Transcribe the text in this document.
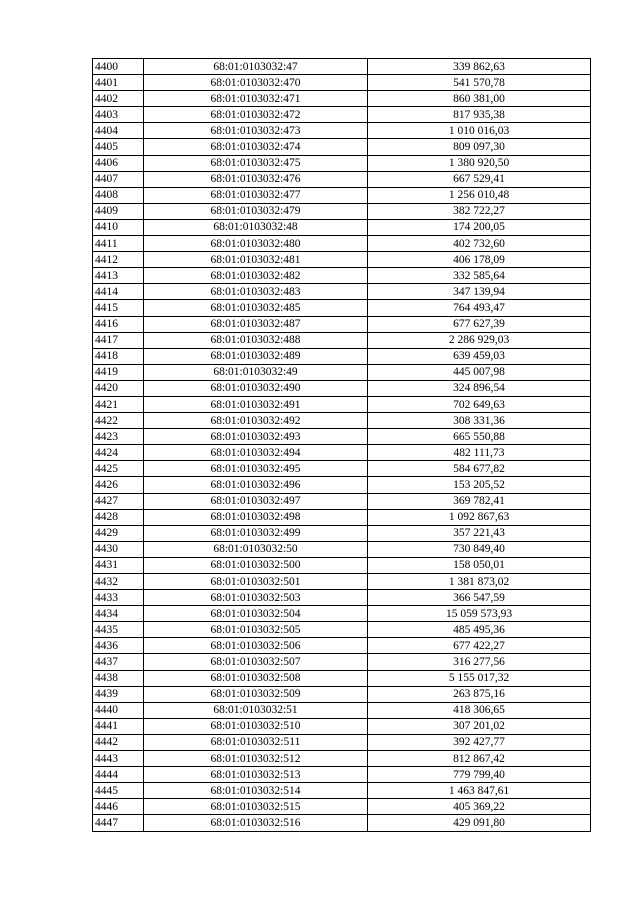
4400	68:01:0103032:47	339 862,63
4401	68:01:0103032:470	541 570,78
4402	68:01:0103032:471	860 381,00
4403	68:01:0103032:472	817 935,38
4404	68:01:0103032:473	1 010 016,03
4405	68:01:0103032:474	809 097,30
4406	68:01:0103032:475	1 380 920,50
4407	68:01:0103032:476	667 529,41
4408	68:01:0103032:477	1 256 010,48
4409	68:01:0103032:479	382 722,27
4410	68:01:0103032:48	174 200,05
4411	68:01:0103032:480	402 732,60
4412	68:01:0103032:481	406 178,09
4413	68:01:0103032:482	332 585,64
4414	68:01:0103032:483	347 139,94
4415	68:01:0103032:485	764 493,47
4416	68:01:0103032:487	677 627,39
4417	68:01:0103032:488	2 286 929,03
4418	68:01:0103032:489	639 459,03
4419	68:01:0103032:49	445 007,98
4420	68:01:0103032:490	324 896,54
4421	68:01:0103032:491	702 649,63
4422	68:01:0103032:492	308 331,36
4423	68:01:0103032:493	665 550,88
4424	68:01:0103032:494	482 111,73
4425	68:01:0103032:495	584 677,82
4426	68:01:0103032:496	153 205,52
4427	68:01:0103032:497	369 782,41
4428	68:01:0103032:498	1 092 867,63
4429	68:01:0103032:499	357 221,43
4430	68:01:0103032:50	730 849,40
4431	68:01:0103032:500	158 050,01
4432	68:01:0103032:501	1 381 873,02
4433	68:01:0103032:503	366 547,59
4434	68:01:0103032:504	15 059 573,93
4435	68:01:0103032:505	485 495,36
4436	68:01:0103032:506	677 422,27
4437	68:01:0103032:507	316 277,56
4438	68:01:0103032:508	5 155 017,32
4439	68:01:0103032:509	263 875,16
4440	68:01:0103032:51	418 306,65
4441	68:01:0103032:510	307 201,02
4442	68:01:0103032:511	392 427,77
4443	68:01:0103032:512	812 867,42
4444	68:01:0103032:513	779 799,40
4445	68:01:0103032:514	1 463 847,61
4446	68:01:0103032:515	405 369,22
4447	68:01:0103032:516	429 091,80
